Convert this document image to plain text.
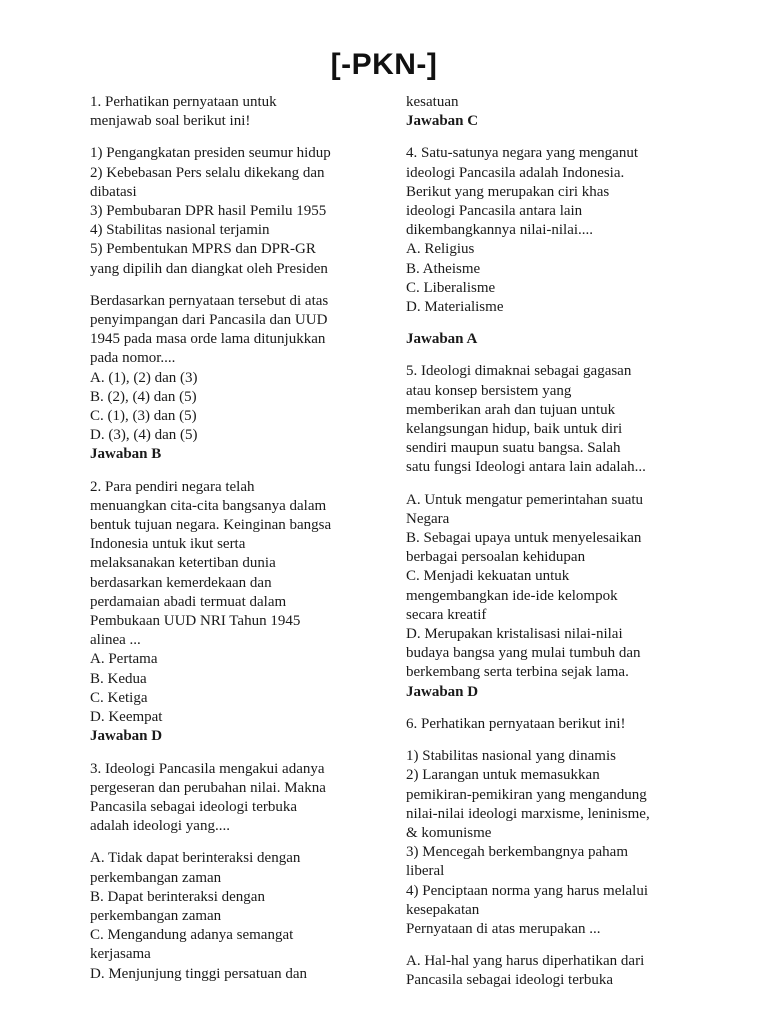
[-PKN-]
1. Perhatikan pernyataan untuk
menjawab soal berikut ini!
1) Pengangkatan presiden seumur hidup
2) Kebebasan Pers selalu dikekang dan
dibatasi
3) Pembubaran DPR hasil Pemilu 1955
4) Stabilitas nasional terjamin
5) Pembentukan MPRS dan DPR-GR
yang dipilih dan diangkat oleh Presiden
Berdasarkan pernyataan tersebut di atas
penyimpangan dari Pancasila dan UUD
1945 pada masa orde lama ditunjukkan
pada nomor....
A. (1), (2) dan (3)
B. (2), (4) dan (5)
C. (1), (3) dan (5)
D. (3), (4) dan (5)
Jawaban B
2. Para pendiri negara telah
menuangkan cita-cita bangsanya dalam
bentuk tujuan negara. Keinginan bangsa
Indonesia untuk ikut serta
melaksanakan ketertiban dunia
berdasarkan kemerdekaan dan
perdamaian abadi termuat dalam
Pembukaan UUD NRI Tahun 1945
alinea ...
A. Pertama
B. Kedua
C. Ketiga
D. Keempat
Jawaban D
3. Ideologi Pancasila mengakui adanya
pergeseran dan perubahan nilai. Makna
Pancasila sebagai ideologi terbuka
adalah ideologi yang....
A. Tidak dapat berinteraksi dengan
perkembangan zaman
B. Dapat berinteraksi dengan
perkembangan zaman
C. Mengandung adanya semangat
kerjasama
D. Menjunjung tinggi persatuan dan
kesatuan
Jawaban C
4. Satu-satunya negara yang menganut
ideologi Pancasila adalah Indonesia.
Berikut yang merupakan ciri khas
ideologi Pancasila antara lain
dikembangkannya nilai-nilai....
A. Religius
B. Atheisme
C. Liberalisme
D. Materialisme
Jawaban A
5. Ideologi dimaknai sebagai gagasan
atau konsep bersistem yang
memberikan arah dan tujuan untuk
kelangsungan hidup, baik untuk diri
sendiri maupun suatu bangsa. Salah
satu fungsi Ideologi antara lain adalah...
A. Untuk mengatur pemerintahan suatu
Negara
B. Sebagai upaya untuk menyelesaikan
berbagai persoalan kehidupan
C. Menjadi kekuatan untuk
mengembangkan ide-ide kelompok
secara kreatif
D. Merupakan kristalisasi nilai-nilai
budaya bangsa yang mulai tumbuh dan
berkembang serta terbina sejak lama.
Jawaban D
6. Perhatikan pernyataan berikut ini!
1) Stabilitas nasional yang dinamis
2) Larangan untuk memasukkan
pemikiran-pemikiran yang mengandung
nilai-nilai ideologi marxisme, leninisme,
& komunisme
3) Mencegah berkembangnya paham
liberal
4) Penciptaan norma yang harus melalui
kesepakatan
Pernyataan di atas merupakan ...
A. Hal-hal yang harus diperhatikan dari
Pancasila sebagai ideologi terbuka
